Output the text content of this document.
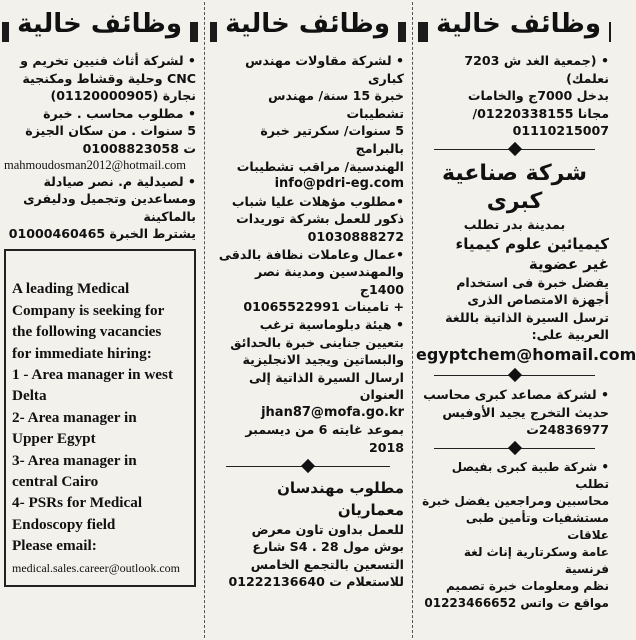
وظائف خالية
• لشركة أثاث فنيين تخريم و
CNC وحلية وقشاط ومكنجية
نجارة (01120000905)
• مطلوب محاسب . خبرة
5 سنوات . من سكان الجيزة
ت 01008823058
mahmoudosman2012@hotmail.com
• لصيدلية م. نصر صيادلة
ومساعدين وتجميل ودليفرى بالماكينة
يشترط الخبرة 01000460465

A leading Medical
Company is seeking for
the following vacancies
for immediate hiring:
1 - Area manager in west
Delta
2- Area manager in
Upper Egypt
3- Area manager in
central Cairo
4- PSRs for Medical
Endoscopy field
Please email:
medical.sales.career@outlook.com

وظائف خالية
• لشركة مقاولات مهندس كبارى
خبرة 15 سنة/ مهندس تشطيبات
5 سنوات/ سكرتير خبرة بالبرامج
الهندسية/ مراقب تشطيبات
info@pdri-eg.com
•مطلوب مؤهلات عليا شباب
ذكور للعمل بشركة توريدات
01030888272
•عمال وعاملات نظافة بالدقى
والمهندسين ومدينة نصر 1400ج
+ تامينات 01065522991
• هيئة دبلوماسية ترغب
بتعيين جناينى خبرة بالحدائق
والبساتين ويجيد الانجليزية
ارسال السيرة الذاتية إلى العنوان
jhan87@mofa.go.kr
بموعد غايته 6 من ديسمبر 2018
مطلوب مهندسان معماريان
للعمل بداون تاون معرض
بوش مول S4 . 28 شارع
التسعين بالتجمع الخامس
للاستعلام ت 01222136640
وظائف خالية
• (جمعية الغد ش 7203 نعلمك)
بدخل 7000ج والخامات
مجانا 01220338155/
01110215007
شركة صناعية كبرى
بمدينة بدر تطلب
كيميائين علوم كيمياء
غير عضوية
يفضل خبرة فى استخدام
أجهزة الامتصاص الذرى
ترسل السيرة الذاتية باللغة
العربية على:
egyptchem@homail.com
• لشركة مصاعد كبرى محاسب
حديث التخرج يجيد الأوفيس
24836977ت
• شركة طبية كبرى بفيصل تطلب
محاسبين ومراجعين يفضل خبرة
مستشفيات وتأمين طبى علاقات
عامة وسكرتارية إناث لغة فرنسية
نظم ومعلومات خبرة تصميم
مواقع ت واتس 01223466652
